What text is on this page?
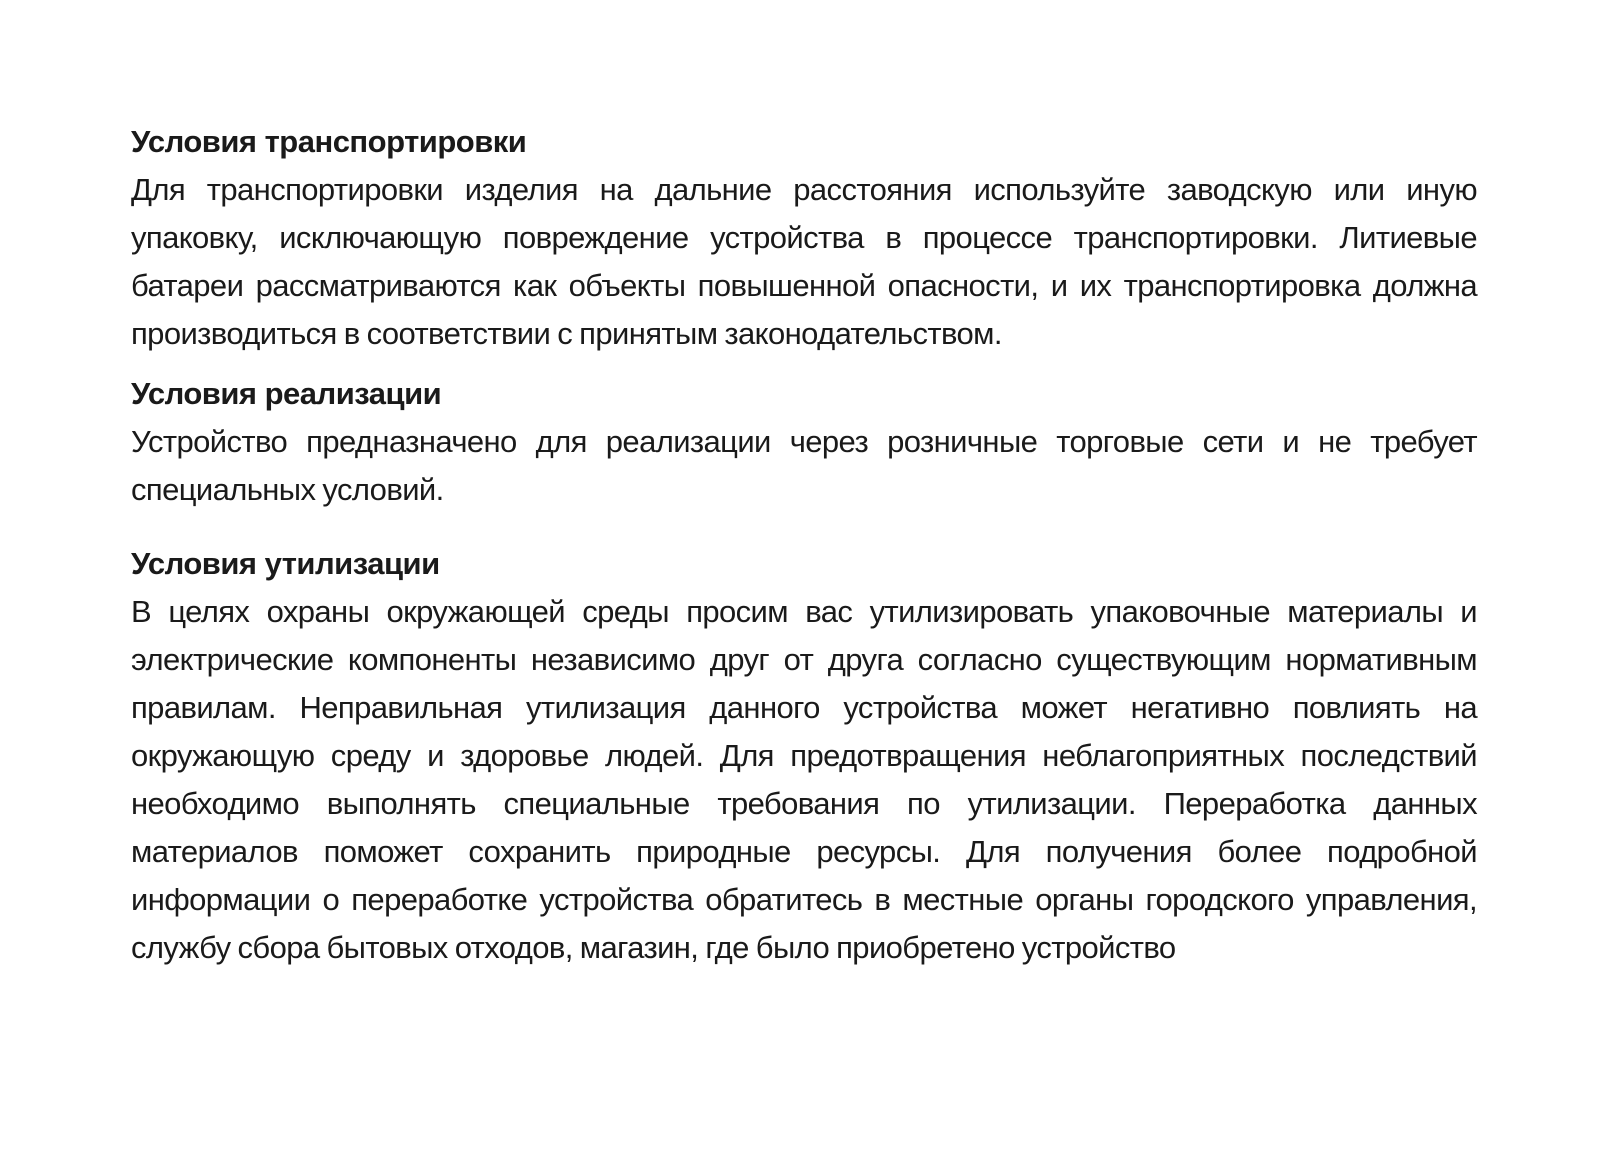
Условия транспортировки

Для транспортировки изделия на дальние расстояния используйте заводскую или иную упаковку, исключающую повреждение устройства в процессе транспортировки. Литиевые батареи рассматриваются как объекты повышенной опасности, и их транспортировка должна производиться в соответствии с принятым законодательством.

Условия реализации

Устройство предназначено для реализации через розничные торговые сети и не требует специальных условий.

Условия утилизации

В целях охраны окружающей среды просим вас утилизировать упаковочные материалы и электрические компоненты независимо друг от друга согласно существующим нормативным правилам. Неправильная утилизация данного устройства может негативно повлиять на окружающую среду и здоровье людей. Для предотвращения неблагоприятных последствий необходимо выполнять специальные требования по утилизации. Переработка данных материалов поможет сохранить природные ресурсы. Для получения более подробной информации о переработке устройства обратитесь в местные органы городского управления, службу сбора бытовых отходов, магазин, где было приобретено устройство
